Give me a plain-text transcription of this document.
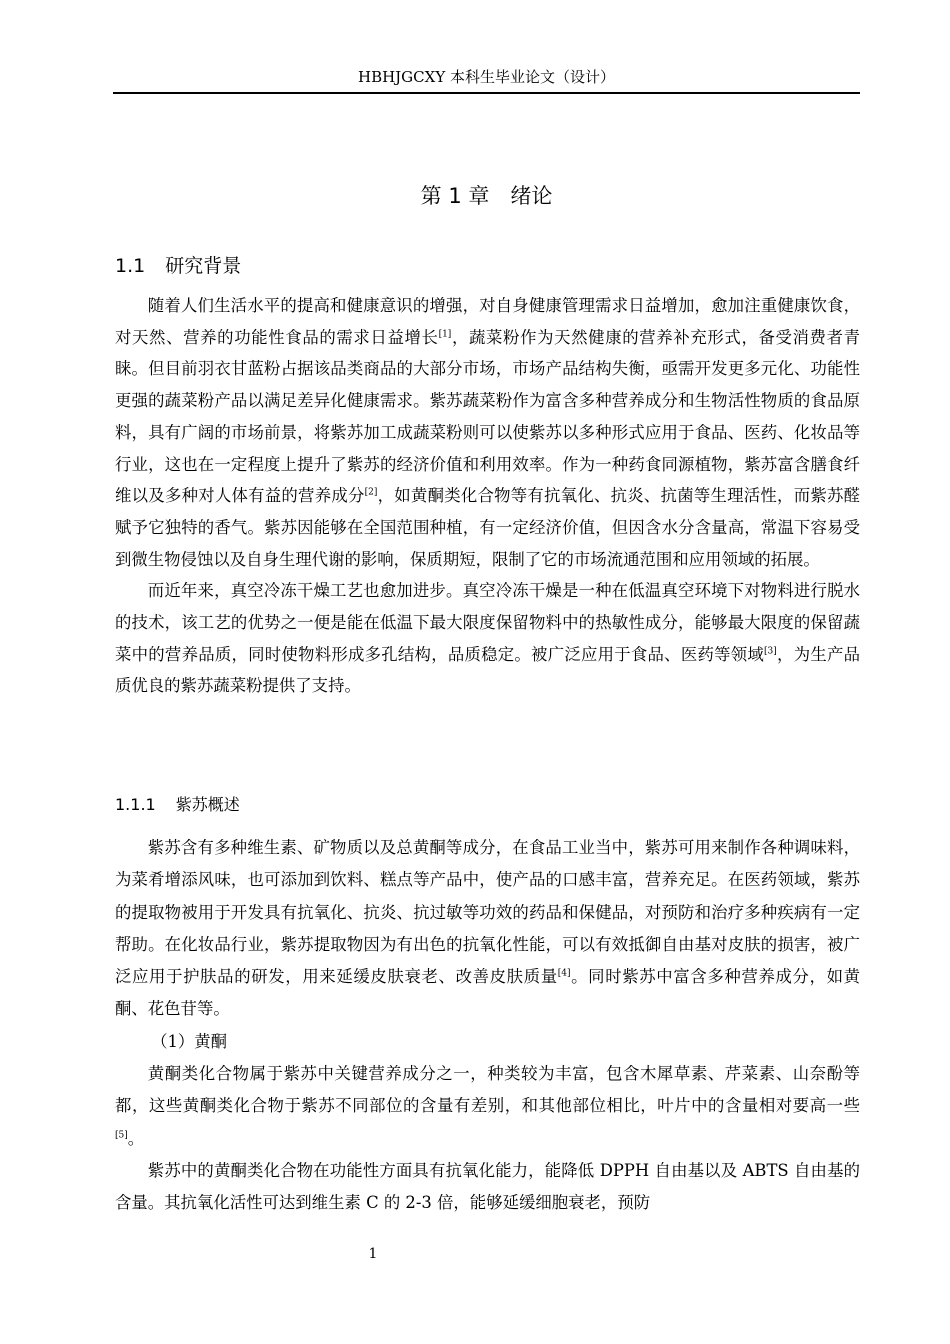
HBHJGCXY 本科生毕业论文（设计）
第 1 章　绪论
1.1 研究背景

随着人们生活水平的提高和健康意识的增强，对自身健康管理需求日益增加，愈加注重健康饮食，对天然、营养的功能性食品的需求日益增长[1]，蔬菜粉作为天然健康的营养补充形式，备受消费者青睐。但目前羽衣甘蓝粉占据该品类商品的大部分市场，市场产品结构失衡，亟需开发更多元化、功能性更强的蔬菜粉产品以满足差异化健康需求。紫苏蔬菜粉作为富含多种营养成分和生物活性物质的食品原料，具有广阔的市场前景，将紫苏加工成蔬菜粉则可以使紫苏以多种形式应用于食品、医药、化妆品等行业，这也在一定程度上提升了紫苏的经济价值和利用效率。作为一种药食同源植物，紫苏富含膳食纤维以及多种对人体有益的营养成分[2]，如黄酮类化合物等有抗氧化、抗炎、抗菌等生理活性，而紫苏醛赋予它独特的香气。紫苏因能够在全国范围种植，有一定经济价值，但因含水分含量高，常温下容易受到微生物侵蚀以及自身生理代谢的影响，保质期短，限制了它的市场流通范围和应用领域的拓展。

而近年来，真空冷冻干燥工艺也愈加进步。真空冷冻干燥是一种在低温真空环境下对物料进行脱水的技术，该工艺的优势之一便是能在低温下最大限度保留物料中的热敏性成分，能够最大限度的保留蔬菜中的营养品质，同时使物料形成多孔结构，品质稳定。被广泛应用于食品、医药等领域[3]，为生产品质优良的紫苏蔬菜粉提供了支持。

1.1.1 紫苏概述

紫苏含有多种维生素、矿物质以及总黄酮等成分，在食品工业当中，紫苏可用来制作各种调味料，为菜肴增添风味，也可添加到饮料、糕点等产品中，使产品的口感丰富，营养充足。在医药领域，紫苏的提取物被用于开发具有抗氧化、抗炎、抗过敏等功效的药品和保健品，对预防和治疗多种疾病有一定帮助。在化妆品行业，紫苏提取物因为有出色的抗氧化性能，可以有效抵御自由基对皮肤的损害，被广泛应用于护肤品的研发，用来延缓皮肤衰老、改善皮肤质量[4]。同时紫苏中富含多种营养成分，如黄酮、花色苷等。

（1）黄酮

黄酮类化合物属于紫苏中关键营养成分之一，种类较为丰富，包含木犀草素、芹菜素、山奈酚等都，这些黄酮类化合物于紫苏不同部位的含量有差别，和其他部位相比，叶片中的含量相对要高一些[5]。

紫苏中的黄酮类化合物在功能性方面具有抗氧化能力，能降低 DPPH 自由基以及 ABTS 自由基的含量。其抗氧化活性可达到维生素 C 的 2-3 倍，能够延缓细胞衰老，预防

1
